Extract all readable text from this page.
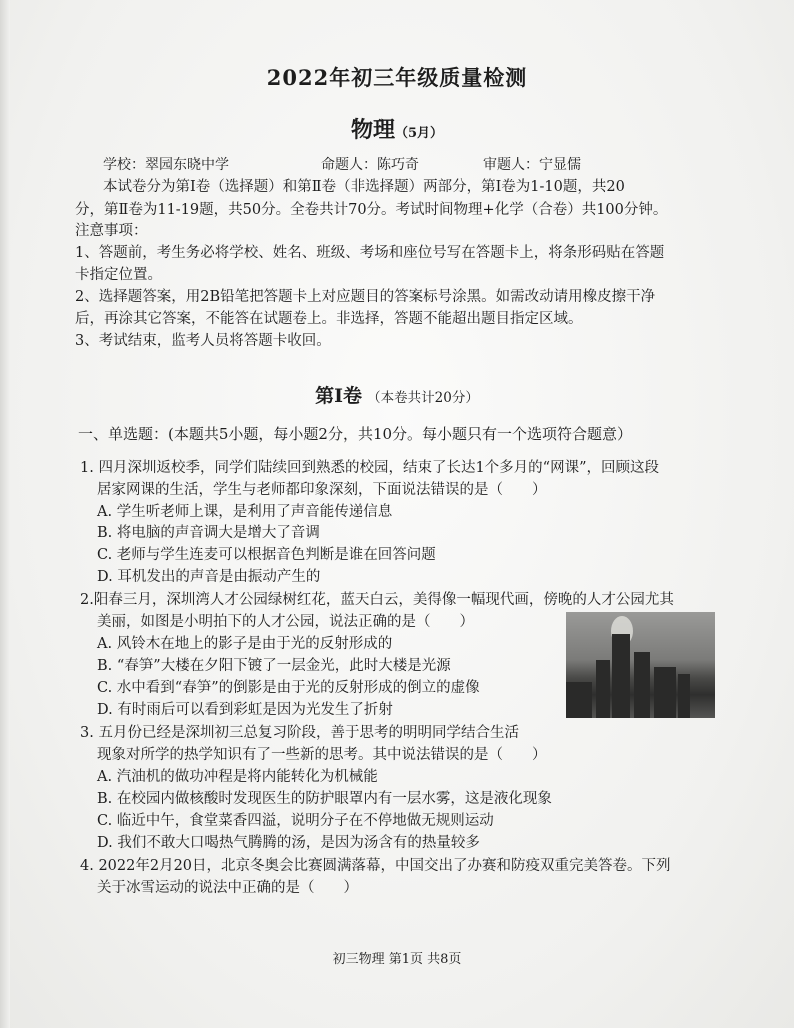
2022年初三年级质量检测
物理（5月）
学校：翠园东晓中学	命题人：陈巧奇	审题人：宁显儒
本试卷分为第Ⅰ卷（选择题）和第Ⅱ卷（非选择题）两部分，第Ⅰ卷为1-10题，共20
分，第Ⅱ卷为11-19题，共50分。全卷共计70分。考试时间物理+化学（合卷）共100分钟。
注意事项：
1、答题前，考生务必将学校、姓名、班级、考场和座位号写在答题卡上，将条形码贴在答题
卡指定位置。
2、选择题答案，用2B铅笔把答题卡上对应题目的答案标号涂黑。如需改动请用橡皮擦干净
后，再涂其它答案，不能答在试题卷上。非选择，答题不能超出题目指定区域。
3、考试结束，监考人员将答题卡收回。
第Ⅰ卷 （本卷共计20分）
一、单选题：(本题共5小题，每小题2分，共10分。每小题只有一个选项符合题意）
1. 四月深圳返校季，同学们陆续回到熟悉的校园，结束了长达1个多月的“网课”，回顾这段
居家网课的生活，学生与老师都印象深刻，下面说法错误的是（　　）
A. 学生听老师上课，是利用了声音能传递信息
B. 将电脑的声音调大是增大了音调
C. 老师与学生连麦可以根据音色判断是谁在回答问题
D. 耳机发出的声音是由振动产生的
2.阳春三月，深圳湾人才公园绿树红花，蓝天白云，美得像一幅现代画，傍晚的人才公园尤其
美丽，如图是小明拍下的人才公园，说法正确的是（　　）
A. 风铃木在地上的影子是由于光的反射形成的
B. “春笋”大楼在夕阳下镀了一层金光，此时大楼是光源
C. 水中看到“春笋”的倒影是由于光的反射形成的倒立的虚像
D. 有时雨后可以看到彩虹是因为光发生了折射
3. 五月份已经是深圳初三总复习阶段，善于思考的明明同学结合生活
现象对所学的热学知识有了一些新的思考。其中说法错误的是（　　）
A. 汽油机的做功冲程是将内能转化为机械能
B. 在校园内做核酸时发现医生的防护眼罩内有一层水雾，这是液化现象
C. 临近中午，食堂菜香四溢，说明分子在不停地做无规则运动
D. 我们不敢大口喝热气腾腾的汤，是因为汤含有的热量较多
4. 2022年2月20日，北京冬奥会比赛圆满落幕，中国交出了办赛和防疫双重完美答卷。下列
关于冰雪运动的说法中正确的是（　　）
初三物理 第1页 共8页
